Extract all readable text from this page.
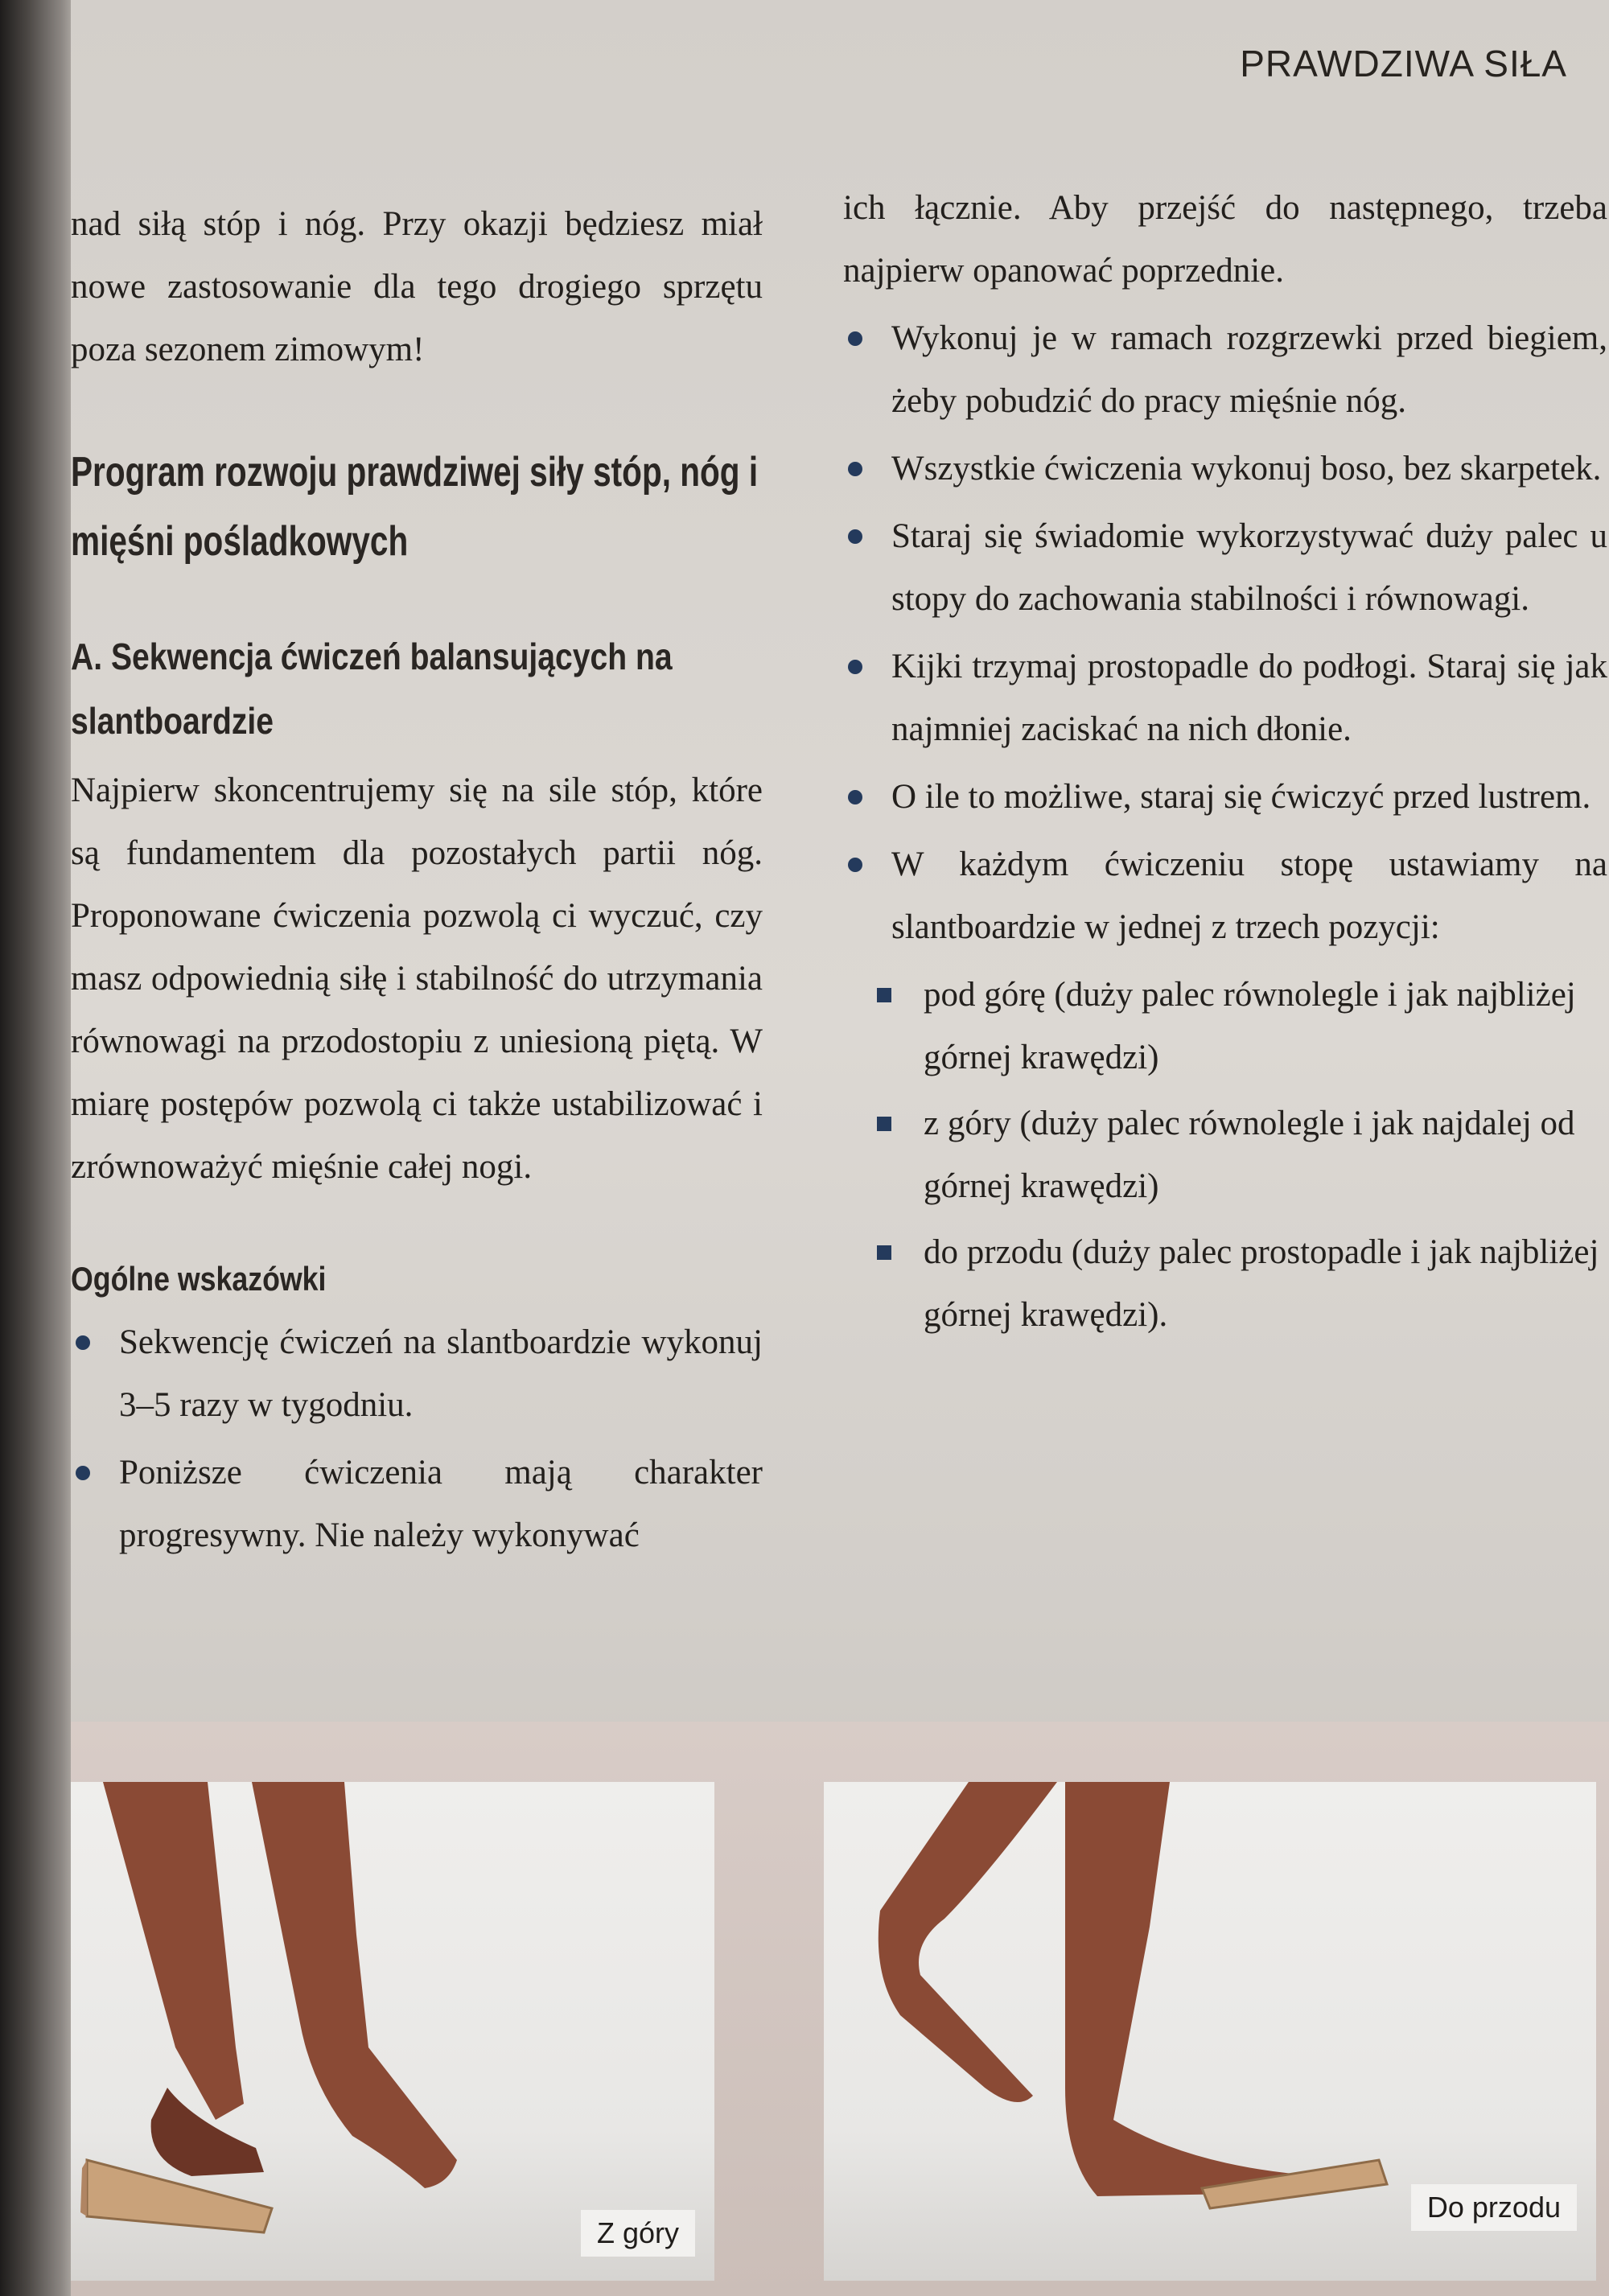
PRAWDZIWA SIŁA

nad siłą stóp i nóg. Przy okazji będziesz miał nowe zastosowanie dla tego drogiego sprzętu poza sezonem zimowym!

Program rozwoju prawdziwej siły stóp, nóg i mięśni pośladkowych
A. Sekwencja ćwiczeń balansujących na slantboardzie

Najpierw skoncentrujemy się na sile stóp, które są fundamentem dla pozostałych partii nóg. Proponowane ćwiczenia pozwolą ci wyczuć, czy masz odpowiednią siłę i stabilność do utrzymania równowagi na przodostopiu z uniesioną piętą. W miarę postępów pozwolą ci także ustabilizować i zrównoważyć mięśnie całej nogi.

Ogólne wskazówki
Sekwencję ćwiczeń na slantboardzie wykonuj 3–5 razy w tygodniu.
Poniższe ćwiczenia mają charakter progresywny. Nie należy wykonywać

ich łącznie. Aby przejść do następnego, trzeba najpierw opanować poprzednie.

Wykonuj je w ramach rozgrzewki przed biegiem, żeby pobudzić do pracy mięśnie nóg.
Wszystkie ćwiczenia wykonuj boso, bez skarpetek.
Staraj się świadomie wykorzystywać duży palec u stopy do zachowania stabilności i równowagi.
Kijki trzymaj prostopadle do podłogi. Staraj się jak najmniej zaciskać na nich dłonie.
O ile to możliwe, staraj się ćwiczyć przed lustrem.
W każdym ćwiczeniu stopę ustawiamy na slantboardzie w jednej z trzech pozycji:
pod górę (duży palec równolegle i jak najbliżej górnej krawędzi)
z góry (duży palec równolegle i jak najdalej od górnej krawędzi)
do przodu (duży palec prostopadle i jak najbliżej górnej krawędzi).
Z góry
Do przodu
